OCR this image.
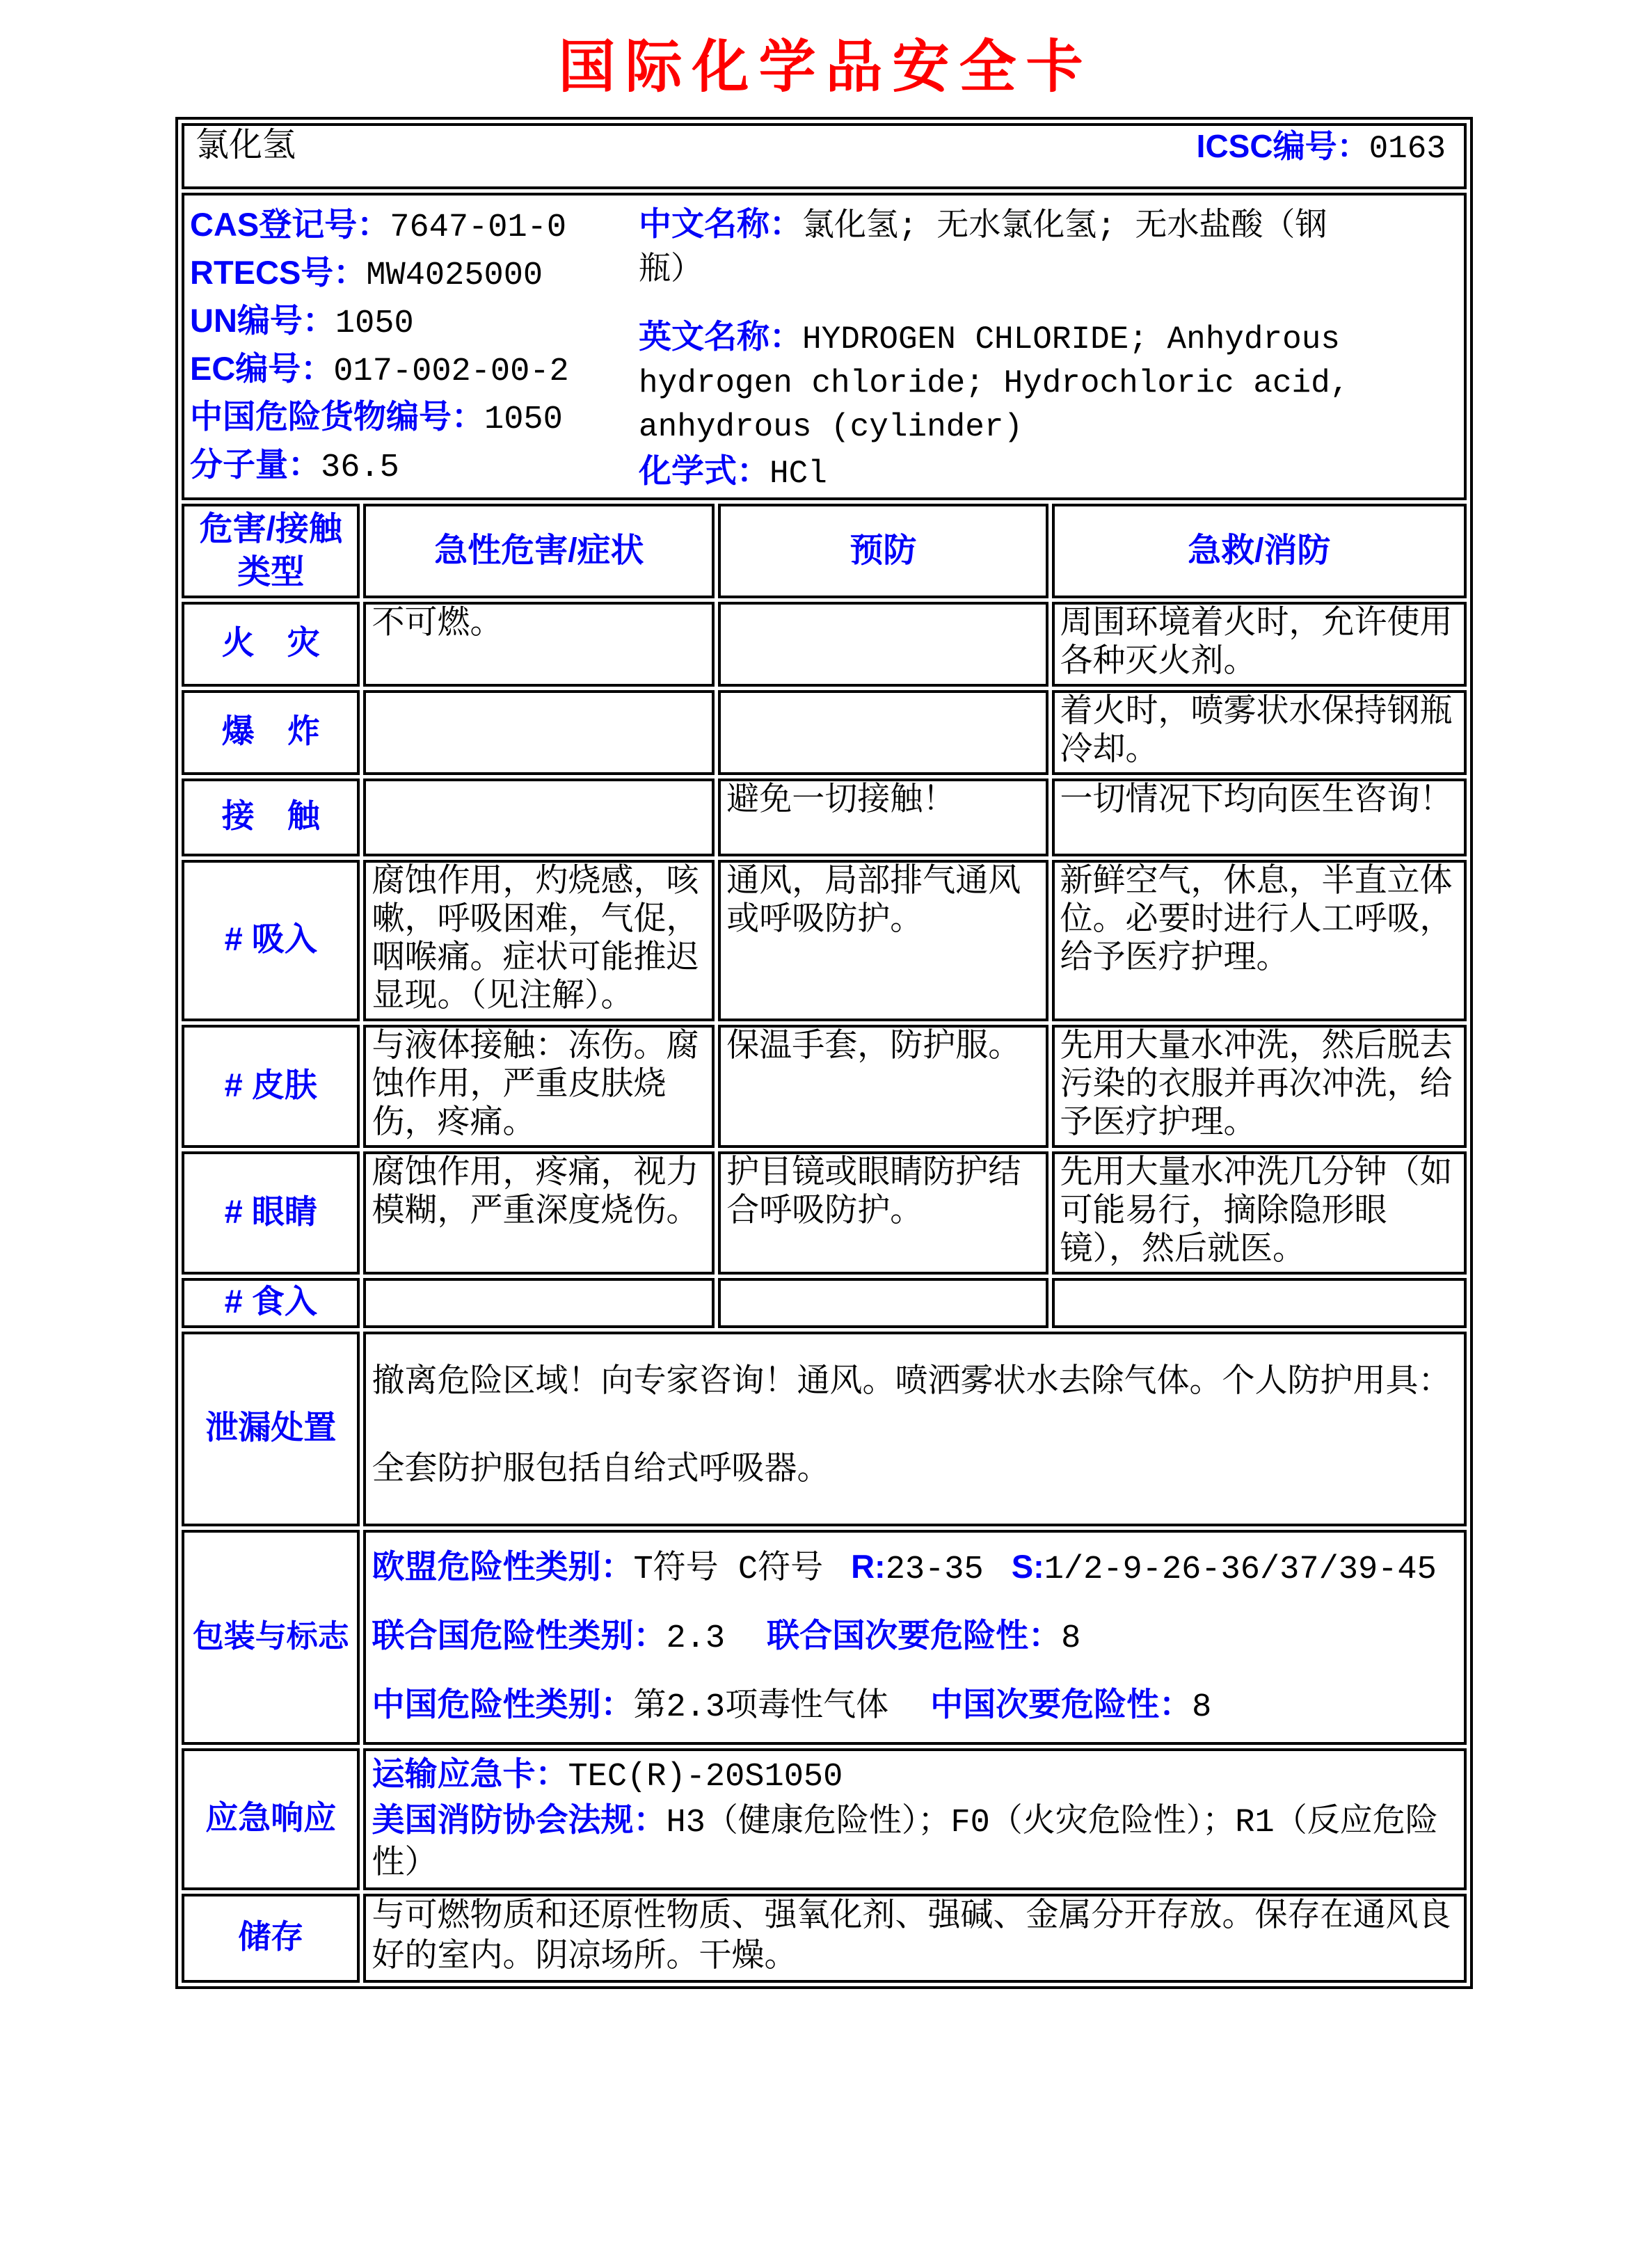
国际化学品安全卡
氯化氢 ICSC编号：0163			

CAS登记号：7647-01-0
RTECS号：MW4025000
UN编号：1050
EC编号：017-002-00-2
中国危险货物编号：1050
分子量：36.5

中文名称：氯化氢; 无水氯化氢; 无水盐酸（钢瓶）

英文名称：HYDROGEN CHLORIDE; Anhydrous hydrogen chloride; Hydrochloric acid, anhydrous (cylinder)

化学式：HCl

危害/接触类型	急性危害/症状	预防	急救/消防
火　灾	不可燃。		周围环境着火时，允许使用各种灭火剂。
爆　炸			着火时，喷雾状水保持钢瓶冷却。
接　触		避免一切接触！	一切情况下均向医生咨询！
# 吸入	腐蚀作用，灼烧感，咳嗽，呼吸困难，气促，咽喉痛。症状可能推迟显现。（见注解）。	通风，局部排气通风或呼吸防护。	新鲜空气，休息，半直立体位。必要时进行人工呼吸，给予医疗护理。
# 皮肤	与液体接触：冻伤。腐蚀作用，严重皮肤烧伤，疼痛。	保温手套，防护服。	先用大量水冲洗，然后脱去污染的衣服并再次冲洗，给予医疗护理。
# 眼睛	腐蚀作用，疼痛，视力模糊，严重深度烧伤。	护目镜或眼睛防护结合呼吸防护。	先用大量水冲洗几分钟（如可能易行，摘除隐形眼镜），然后就医。
# 食入			
泄漏处置	撤离危险区域！向专家咨询！通风。喷洒雾状水去除气体。个人防护用具：全套防护服包括自给式呼吸器。		

包装与标志	欧盟危险性类别：T符号 C符号 R:23-35 S:1/2-9-26-36/37/39-45
联合国危险性类别：2.3 联合国次要危险性：8
中国危险性类别：第2.3项毒性气体 中国次要危险性：8		

应急响应	运输应急卡：TEC(R)-20S1050
美国消防协会法规：H3（健康危险性）；F0（火灾危险性）；R1（反应危险性）		

储存	与可燃物质和还原性物质、强氧化剂、强碱、金属分开存放。保存在通风良好的室内。阴凉场所。干燥。		
